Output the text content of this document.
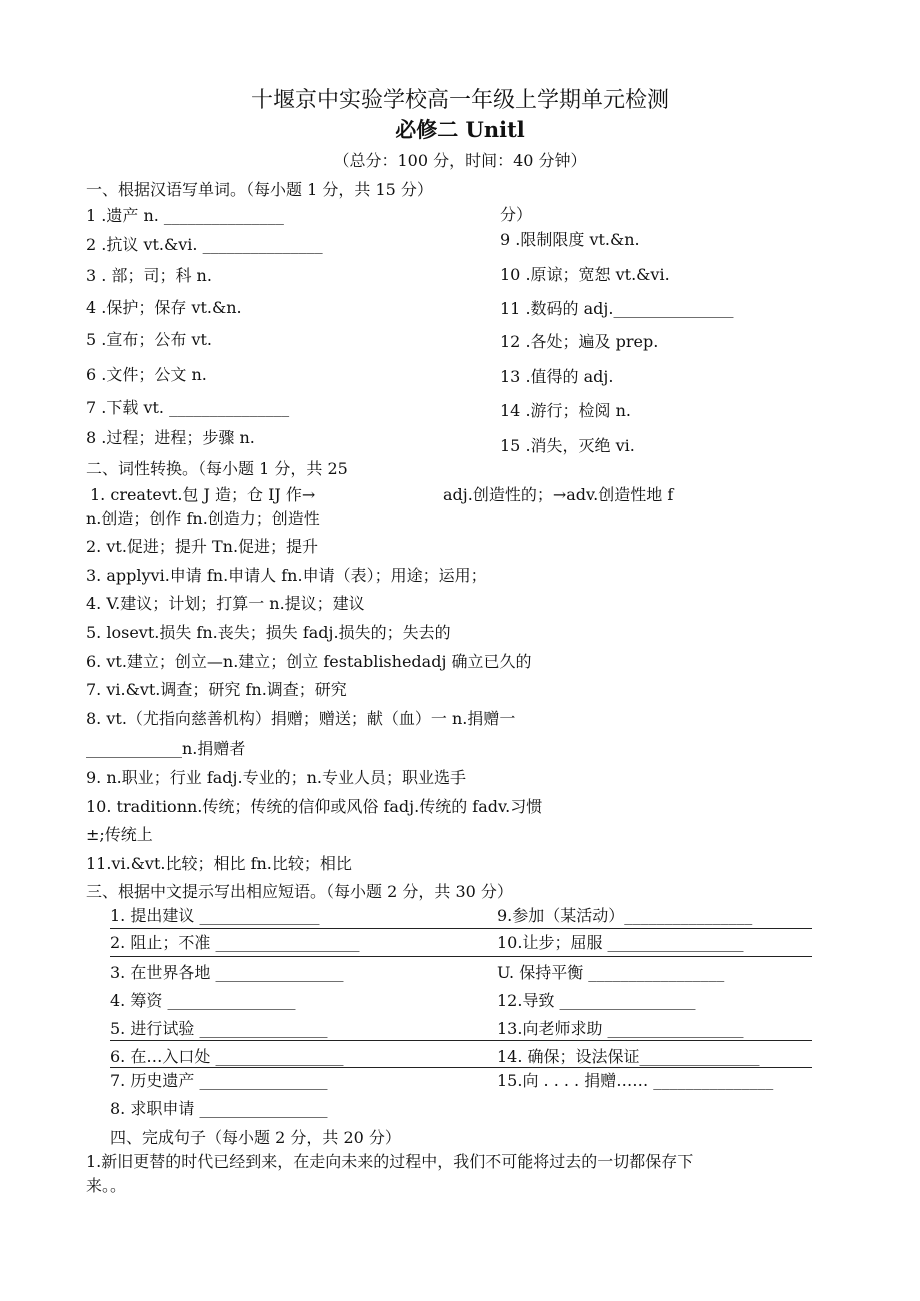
十堰京中实验学校高一年级上学期单元检测
必修二 Unitl
（总分：100 分，时间：40 分钟）
一、根据汉语写单词。（每小题 1 分，共 15 分）
分）
1 .遗产 n. _______________
2 .抗议 vt.&vi. _______________
3 . 部；司；科 n.
4 .保护；保存 vt.&n.
5 .宣布；公布 vt.
6 .文件；公文 n.
7 .下载 vt. _______________
8 .过程；进程；步骤 n.
9 .限制限度 vt.&n.
10 .原谅；宽恕 vt.&vi.
11 .数码的 adj._______________
12 .各处；遍及 prep.
13 .值得的 adj.
14 .游行；检阅 n.
15 .消失，灭绝 vi.
二、词性转换。（每小题 1 分，共 25
1. createvt.包 J 造；仓 IJ 作→	adj.创造性的；→adv.创造性地 f
n.创造；创作 fn.创造力；创造性
2. vt.促进；提升 Tn.促进；提升
3. applyvi.申请 fn.申请人 fn.申请（表）；用途；运用；
4. V.建议；计划；打算一 n.提议；建议
5. losevt.损失 fn.丧失；损失 fadj.损失的；失去的
6. vt.建立；创立—n.建立；创立 festablishedadj 确立已久的
7. vi.&vt.调查；研究 fn.调查；研究
8. vt.（尤指向慈善机构）捐赠；赠送；献（血）一 n.捐赠一
____________n.捐赠者
9. n.职业；行业 fadj.专业的；n.专业人员；职业选手
10. traditionn.传统；传统的信仰或风俗 fadj.传统的 fadv.习惯
±;传统上
11.vi.&vt.比较；相比 fn.比较；相比
三、根据中文提示写出相应短语。（每小题 2 分，共 30 分）
1. 提出建议 _______________
2. 阻止；不准 __________________
3. 在世界各地 ________________
4. 筹资 ________________
5. 进行试验 ________________
6. 在…入口处 ________________
7. 历史遗产 ________________
8. 求职申请 ________________
9.参加（某活动）________________
10.让步；屈服 _________________
U. 保持平衡 _________________
12.导致 _________________
13.向老师求助 _________________
14. 确保；设法保证_______________
15.向 . . . . 捐赠…… _______________
四、完成句子（每小题 2 分，共 20 分）
1.新旧更替的时代已经到来，在走向未来的过程中，我们不可能将过去的一切都保存下
来。。
